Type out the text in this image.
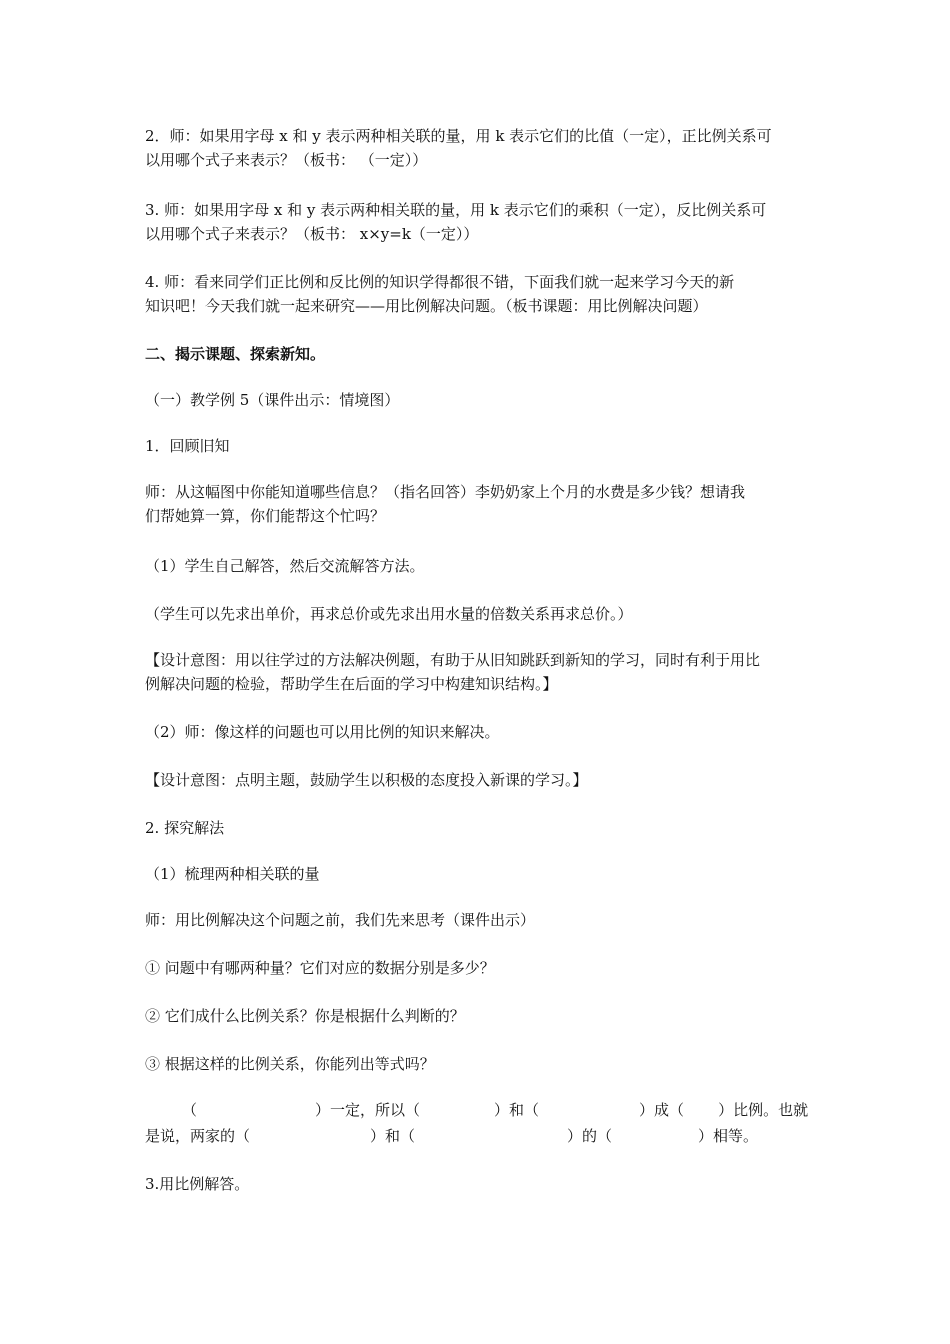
2．师：如果用字母 x 和 y 表示两种相关联的量，用 k 表示它们的比值（一定），正比例关系可

以用哪个式子来表示？（板书： （一定））

3. 师：如果用字母 x 和 y 表示两种相关联的量，用 k 表示它们的乘积（一定），反比例关系可

以用哪个式子来表示？（板书： x×y=k（一定））

4. 师：看来同学们正比例和反比例的知识学得都很不错，下面我们就一起来学习今天的新

知识吧！今天我们就一起来研究——用比例解决问题。（板书课题：用比例解决问题）

二、揭示课题、探索新知。

（一）教学例 5（课件出示：情境图）

1．回顾旧知

师：从这幅图中你能知道哪些信息？（指名回答）李奶奶家上个月的水费是多少钱？想请我

们帮她算一算，你们能帮这个忙吗？

（1）学生自己解答，然后交流解答方法。

（学生可以先求出单价，再求总价或先求出用水量的倍数关系再求总价。）

【设计意图：用以往学过的方法解决例题，有助于从旧知跳跃到新知的学习，同时有利于用比

例解决问题的检验，帮助学生在后面的学习中构建知识结构。】

（2）师：像这样的问题也可以用比例的知识来解决。

【设计意图：点明主题，鼓励学生以积极的态度投入新课的学习。】

2. 探究解法

（1）梳理两种相关联的量

师：用比例解决这个问题之前，我们先来思考（课件出示）

① 问题中有哪两种量？它们对应的数据分别是多少？

② 它们成什么比例关系？你是根据什么判断的？

③ 根据这样的比例关系，你能列出等式吗？

（	）一定，所以（	）和（	）成（ ）比例。也就

是说，两家的（	）和（	）的（	）相等。

3.用比例解答。
